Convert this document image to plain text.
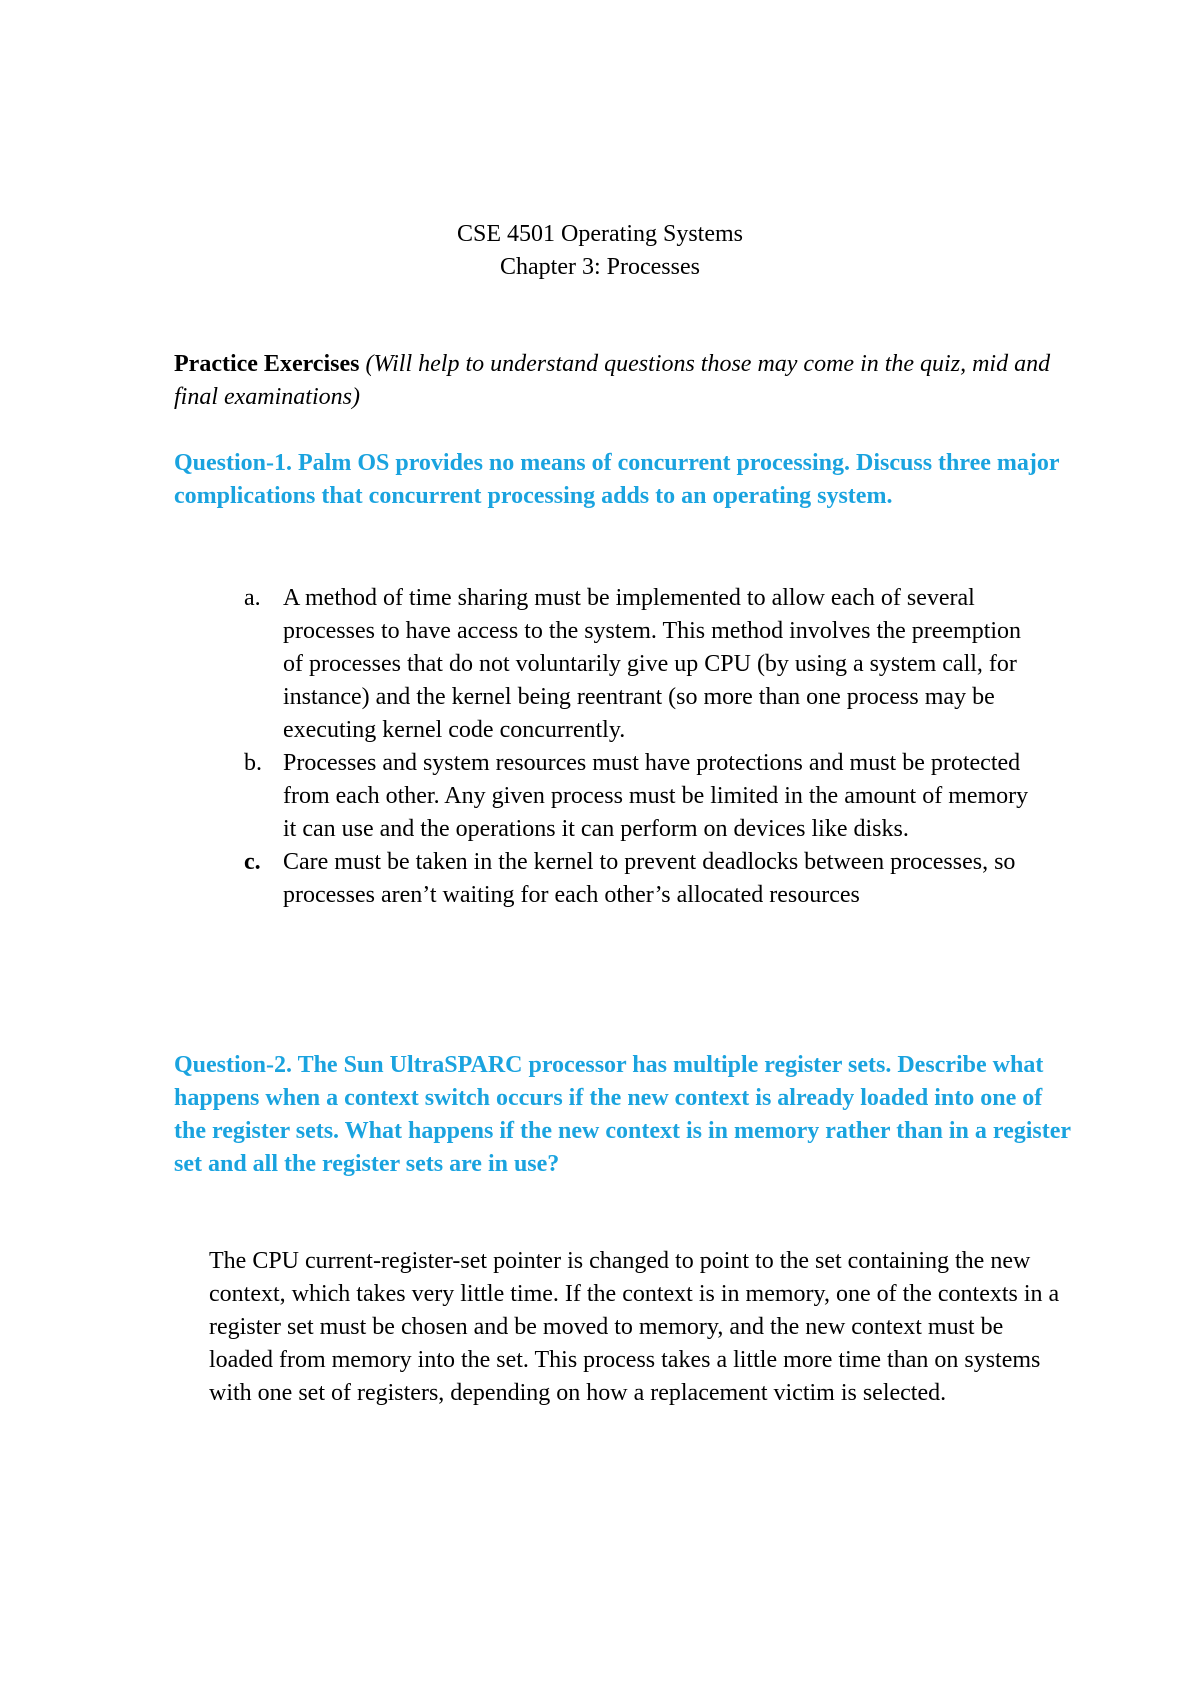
CSE 4501 Operating Systems
Chapter 3: Processes
Practice Exercises (Will help to understand questions those may come in the quiz, mid and final examinations)
Question-1. Palm OS provides no means of concurrent processing. Discuss three major complications that concurrent processing adds to an operating system.
a. A method of time sharing must be implemented to allow each of several processes to have access to the system. This method involves the preemption of processes that do not voluntarily give up CPU (by using a system call, for instance) and the kernel being reentrant (so more than one process may be executing kernel code concurrently.
b. Processes and system resources must have protections and must be protected from each other. Any given process must be limited in the amount of memory it can use and the operations it can perform on devices like disks.
c. Care must be taken in the kernel to prevent deadlocks between processes, so processes aren’t waiting for each other’s allocated resources
Question-2. The Sun UltraSPARC processor has multiple register sets. Describe what happens when a context switch occurs if the new context is already loaded into one of the register sets. What happens if the new context is in memory rather than in a register set and all the register sets are in use?
The CPU current-register-set pointer is changed to point to the set containing the new context, which takes very little time. If the context is in memory, one of the contexts in a register set must be chosen and be moved to memory, and the new context must be loaded from memory into the set. This process takes a little more time than on systems with one set of registers, depending on how a replacement victim is selected.
